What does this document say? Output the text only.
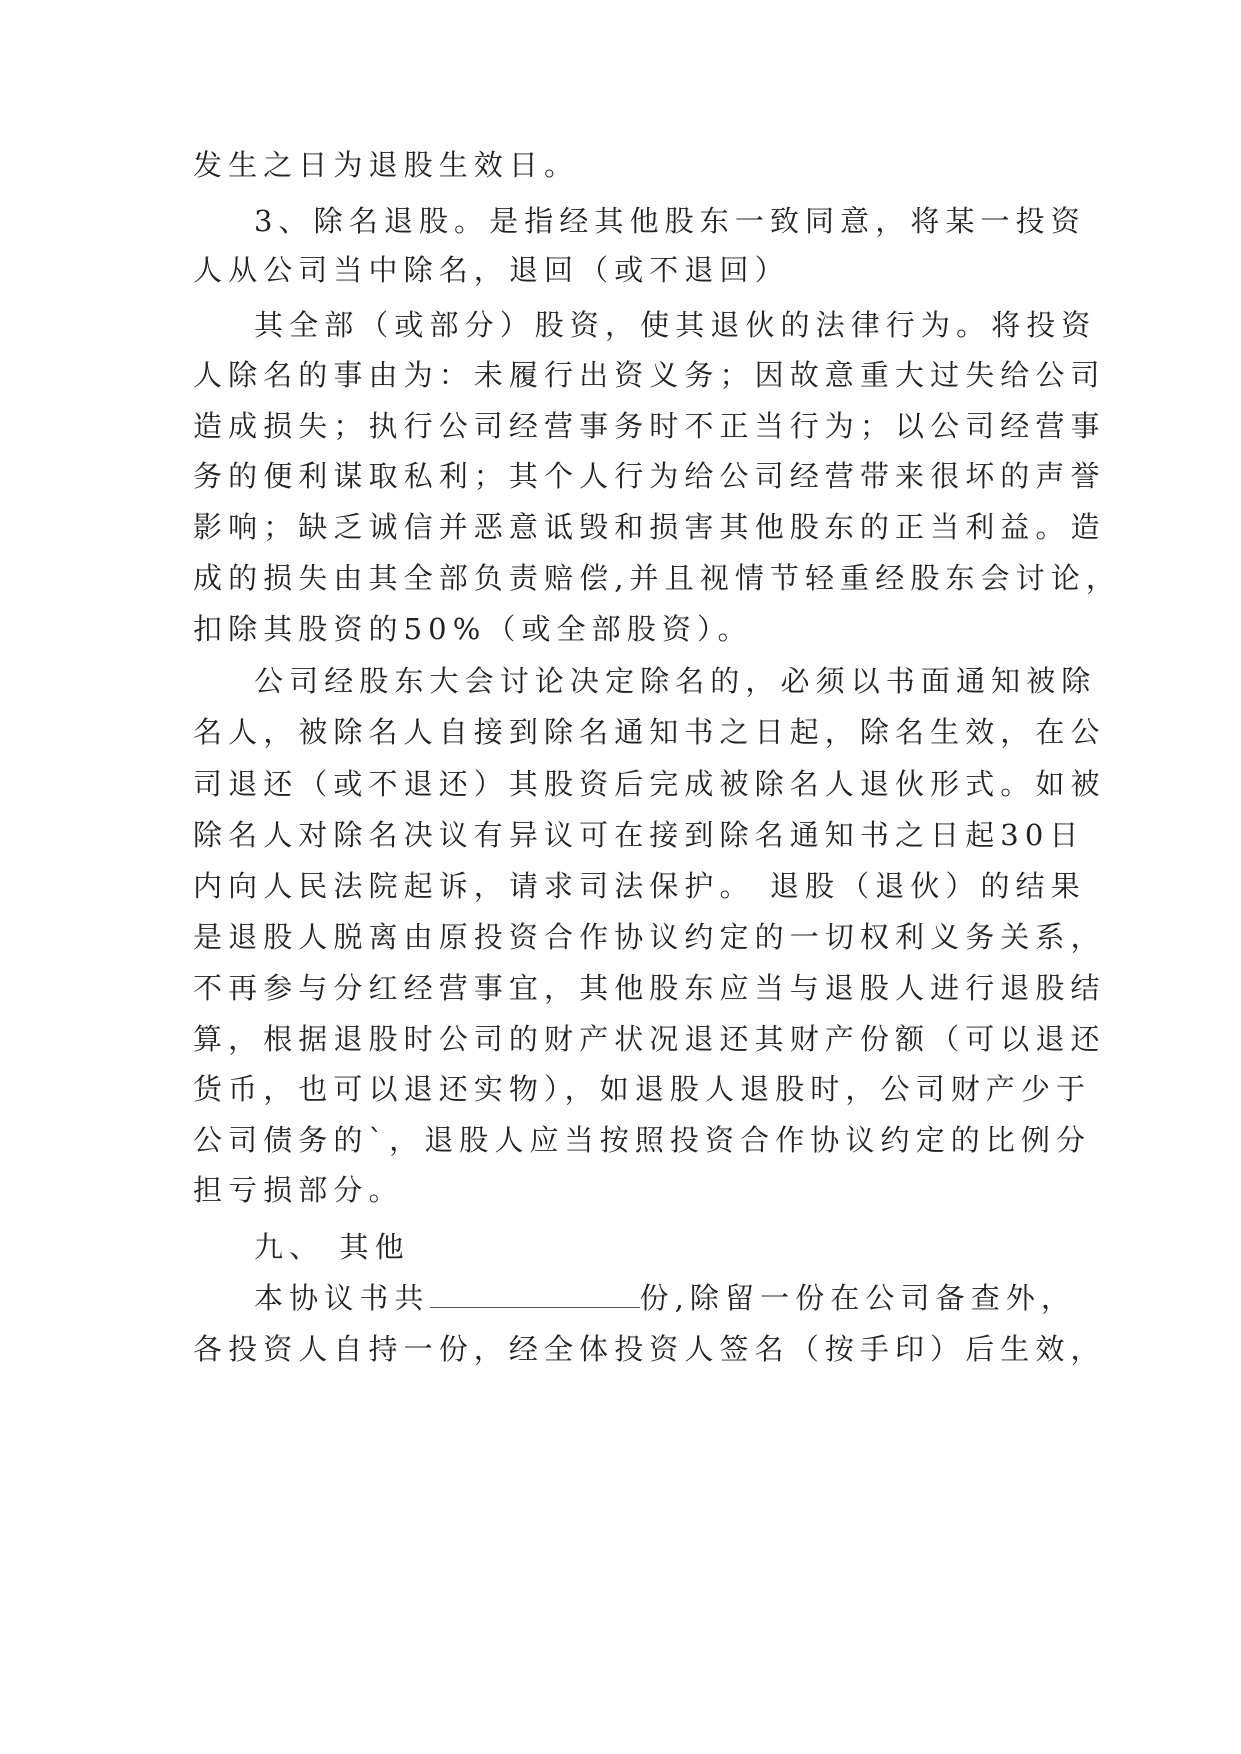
发生之日为退股生效日。
3、除名退股。是指经其他股东一致同意，将某一投资
人从公司当中除名，退回（或不退回）
其全部（或部分）股资，使其退伙的法律行为。将投资
人除名的事由为：未履行出资义务；因故意重大过失给公司
造成损失；执行公司经营事务时不正当行为；以公司经营事
务的便利谋取私利；其个人行为给公司经营带来很坏的声誉
影响；缺乏诚信并恶意诋毁和损害其他股东的正当利益。造
成的损失由其全部负责赔偿,并且视情节轻重经股东会讨论，
扣除其股资的50%（或全部股资）。
公司经股东大会讨论决定除名的，必须以书面通知被除
名人，被除名人自接到除名通知书之日起，除名生效，在公
司退还（或不退还）其股资后完成被除名人退伙形式。如被
除名人对除名决议有异议可在接到除名通知书之日起30日
内向人民法院起诉，请求司法保护。 退股（退伙）的结果
是退股人脱离由原投资合作协议约定的一切权利义务关系，
不再参与分红经营事宜，其他股东应当与退股人进行退股结
算，根据退股时公司的财产状况退还其财产份额（可以退还
货币，也可以退还实物），如退股人退股时，公司财产少于
公司债务的`，退股人应当按照投资合作协议约定的比例分
担亏损部分。
九、 其他
本协议书共	份,除留一份在公司备查外，
各投资人自持一份，经全体投资人签名（按手印）后生效，
